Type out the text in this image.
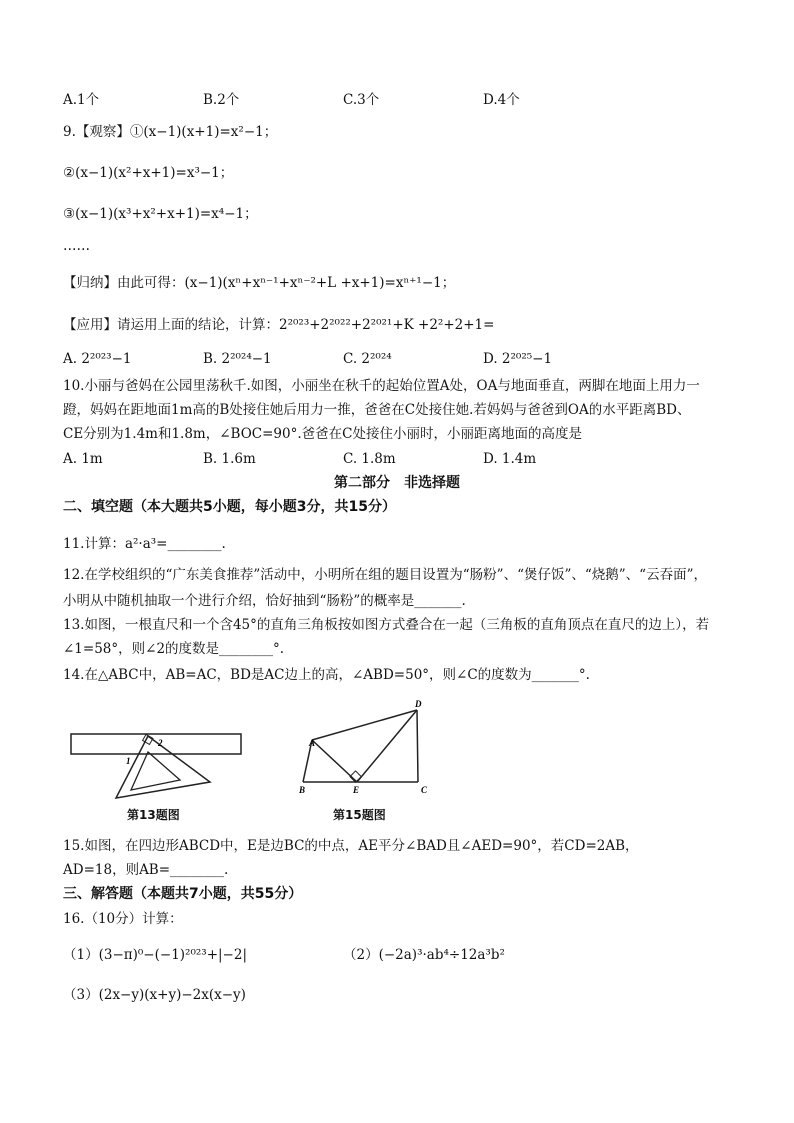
A.1个	B.2个	C.3个	D.4个
9.【观察】①(x−1)(x+1)=x²−1；
②(x−1)(x²+x+1)=x³−1；
③(x−1)(x³+x²+x+1)=x⁴−1；
……
【归纳】由此可得：(x−1)(xⁿ+xⁿ⁻¹+xⁿ⁻²+L +x+1)=xⁿ⁺¹−1；
【应用】请运用上面的结论，计算：2²⁰²³+2²⁰²²+2²⁰²¹+K +2²+2+1=
A. 2²⁰²³−1	B. 2²⁰²⁴−1	C. 2²⁰²⁴	D. 2²⁰²⁵−1
10.小丽与爸妈在公园里荡秋千.如图，小丽坐在秋千的起始位置A处，OA与地面垂直，两脚在地面上用力一
蹬，妈妈在距地面1m高的B处接住她后用力一推，爸爸在C处接住她.若妈妈与爸爸到OA的水平距离BD、
CE分别为1.4m和1.8m，∠BOC=90°.爸爸在C处接住小丽时，小丽距离地面的高度是
A. 1m	B. 1.6m	C. 1.8m	D. 1.4m
第二部分　非选择题
二、填空题（本大题共5小题，每小题3分，共15分）
11.计算：a²·a³=________.
12.在学校组织的“广东美食推荐”活动中，小明所在组的题目设置为“肠粉”、“煲仔饭”、“烧鹅”、“云吞面”，
小明从中随机抽取一个进行介绍，恰好抽到“肠粉”的概率是_______.
13.如图，一根直尺和一个含45°的直角三角板按如图方式叠合在一起（三角板的直角顶点在直尺的边上），若
∠1=58°，则∠2的度数是________°.
14.在△ABC中，AB=AC，BD是AC边上的高，∠ABD=50°，则∠C的度数为_______°.
2
1
第13题图
A
B	C
D
E
第15题图
15.如图，在四边形ABCD中，E是边BC的中点，AE平分∠BAD且∠AED=90°，若CD=2AB，
AD=18，则AB=________.
三、解答题（本题共7小题，共55分）
16.（10分）计算：
（1）(3−π)⁰−(−1)²⁰²³+|−2|	（2）(−2a)³·ab⁴÷12a³b²
（3）(2x−y)(x+y)−2x(x−y)
